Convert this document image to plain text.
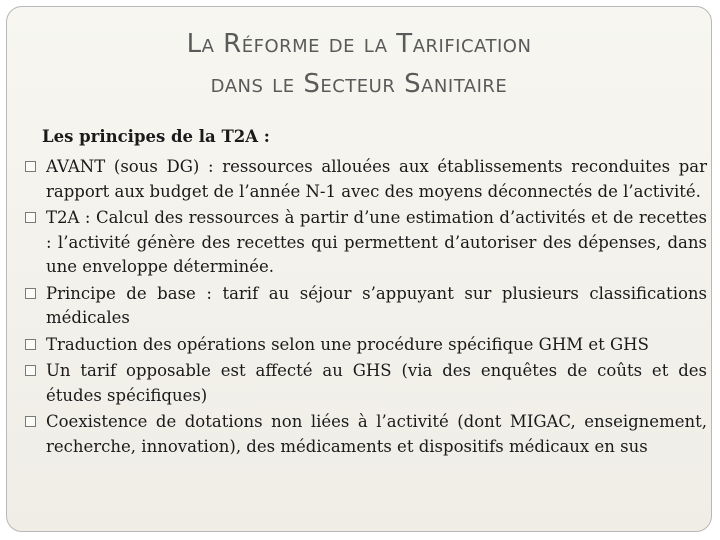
La Réforme de la Tarification
dans le Secteur Sanitaire
Les principes de la T2A :
AVANT (sous DG) : ressources allouées aux établissements reconduites par rapport aux budget de l’année N-1 avec des moyens déconnectés de l’activité.
T2A : Calcul des ressources à partir d’une estimation d’activités et de recettes : l’activité génère des recettes qui permettent d’autoriser des dépenses, dans une enveloppe déterminée.
Principe de base : tarif au séjour s’appuyant sur plusieurs classifications médicales
Traduction des opérations selon une procédure spécifique GHM et GHS
Un tarif opposable est affecté au GHS (via des enquêtes de coûts et des études spécifiques)
Coexistence de dotations non liées à l’activité (dont MIGAC, enseignement, recherche, innovation), des médicaments et dispositifs médicaux en sus
